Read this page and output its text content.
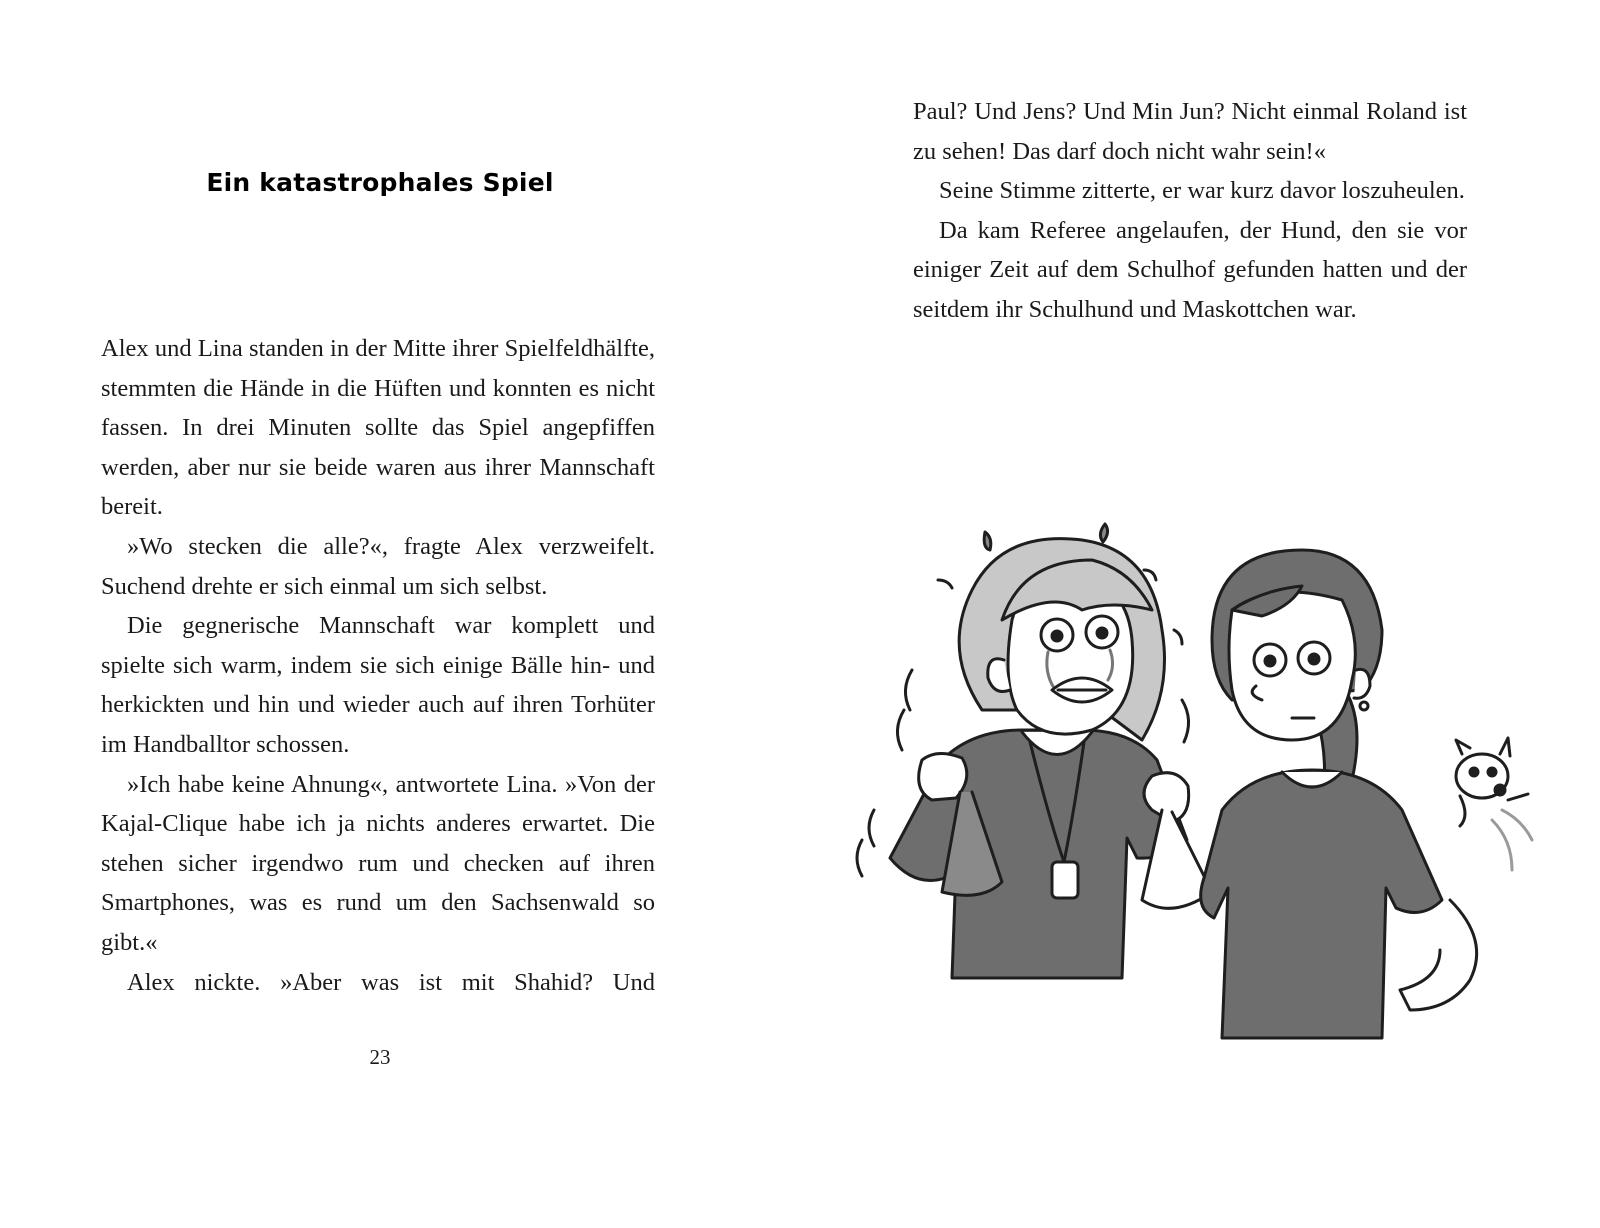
Ein katastrophales Spiel

Alex und Lina standen in der Mitte ihrer Spielfeldhälfte, stemmten die Hände in die Hüften und konnten es nicht fassen. In drei Minuten sollte das Spiel angepfiffen werden, aber nur sie beide waren aus ihrer Mannschaft bereit.

»Wo stecken die alle?«, fragte Alex verzweifelt. Suchend drehte er sich einmal um sich selbst.

Die gegnerische Mannschaft war komplett und spielte sich warm, indem sie sich einige Bälle hin- und herkickten und hin und wieder auch auf ihren Torhüter im Handballtor schossen.

»Ich habe keine Ahnung«, antwortete Lina. »Von der Kajal-Clique habe ich ja nichts anderes erwartet. Die stehen sicher irgendwo rum und checken auf ihren Smartphones, was es rund um den Sachsenwald so gibt.«

Alex nickte. »Aber was ist mit Shahid? Und

23

Paul? Und Jens? Und Min Jun? Nicht einmal Roland ist zu sehen! Das darf doch nicht wahr sein!«

Seine Stimme zitterte, er war kurz davor loszuheulen.

Da kam Referee angelaufen, der Hund, den sie vor einiger Zeit auf dem Schulhof gefunden hatten und der seitdem ihr Schulhund und Maskottchen war.
